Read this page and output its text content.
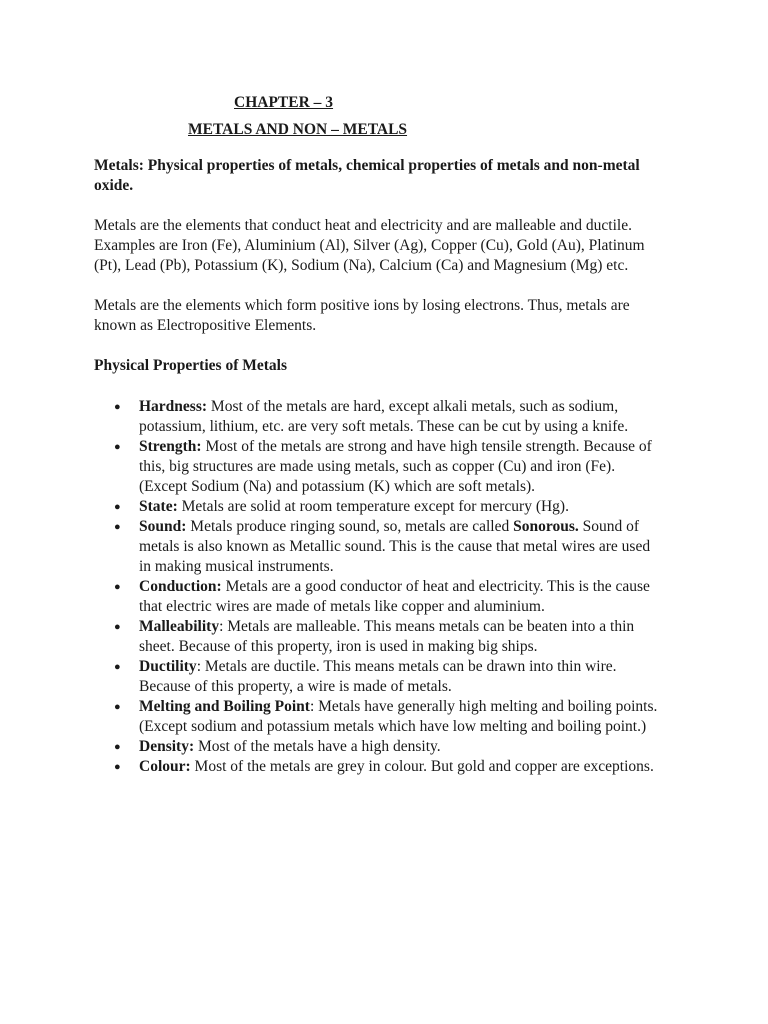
CHAPTER – 3
METALS AND NON – METALS

Metals: Physical properties of metals, chemical properties of metals and non-metal oxide.

Metals are the elements that conduct heat and electricity and are malleable and ductile. Examples are Iron (Fe), Aluminium (Al), Silver (Ag), Copper (Cu), Gold (Au), Platinum (Pt), Lead (Pb), Potassium (K), Sodium (Na), Calcium (Ca) and Magnesium (Mg) etc.

Metals are the elements which form positive ions by losing electrons. Thus, metals are known as Electropositive Elements.

Physical Properties of Metals

● Hardness: Most of the metals are hard, except alkali metals, such as sodium, potassium, lithium, etc. are very soft metals. These can be cut by using a knife.
● Strength: Most of the metals are strong and have high tensile strength. Because of this, big structures are made using metals, such as copper (Cu) and iron (Fe). (Except Sodium (Na) and potassium (K) which are soft metals).
● State: Metals are solid at room temperature except for mercury (Hg).
● Sound: Metals produce ringing sound, so, metals are called Sonorous. Sound of metals is also known as Metallic sound. This is the cause that metal wires are used in making musical instruments.
● Conduction: Metals are a good conductor of heat and electricity. This is the cause that electric wires are made of metals like copper and aluminium.
● Malleability: Metals are malleable. This means metals can be beaten into a thin sheet. Because of this property, iron is used in making big ships.
● Ductility: Metals are ductile. This means metals can be drawn into thin wire. Because of this property, a wire is made of metals.
● Melting and Boiling Point: Metals have generally high melting and boiling points. (Except sodium and potassium metals which have low melting and boiling point.)
● Density: Most of the metals have a high density.
● Colour: Most of the metals are grey in colour. But gold and copper are exceptions.
